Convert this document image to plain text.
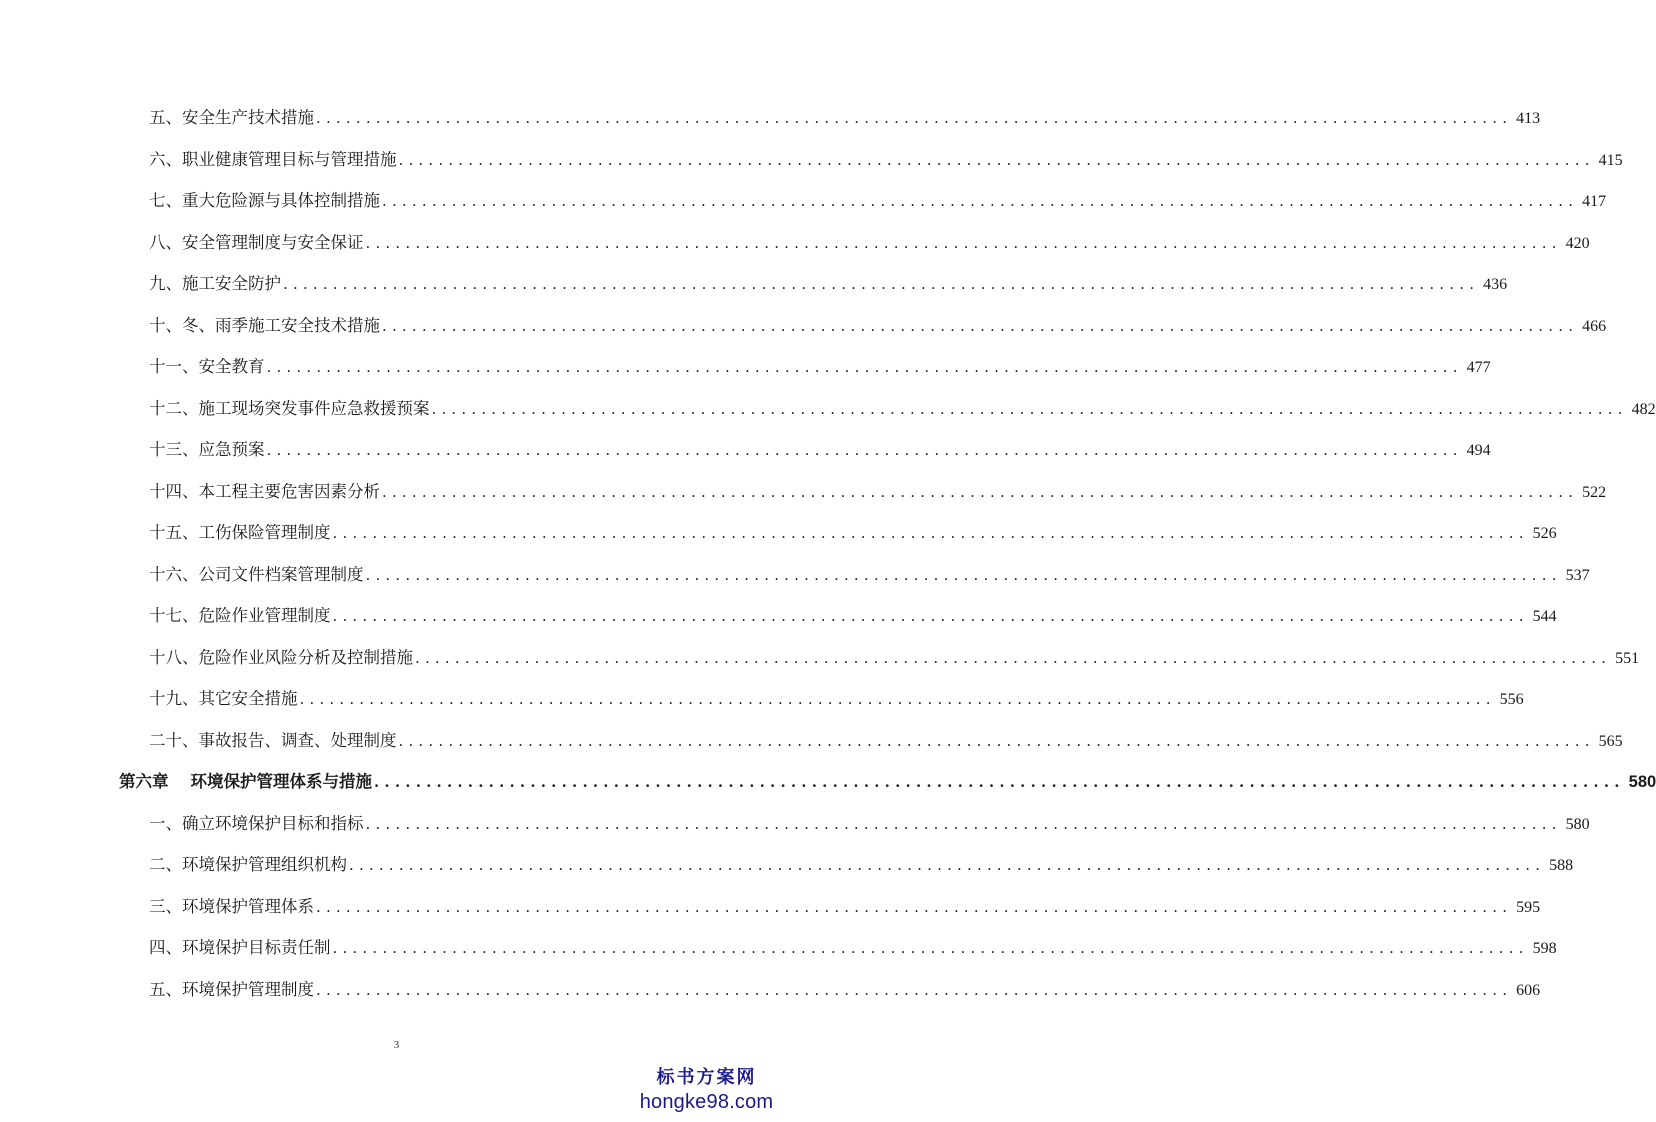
五、安全生产技术措施 ........................................................................................................................ 413
六、职业健康管理目标与管理措施 ........................................................................................................................ 415
七、重大危险源与具体控制措施 ........................................................................................................................ 417
八、安全管理制度与安全保证 ........................................................................................................................ 420
九、施工安全防护 ........................................................................................................................ 436
十、冬、雨季施工安全技术措施 ........................................................................................................................ 466
十一、安全教育 ........................................................................................................................ 477
十二、施工现场突发事件应急救援预案 ........................................................................................................................ 482
十三、应急预案 ........................................................................................................................ 494
十四、本工程主要危害因素分析 ........................................................................................................................ 522
十五、工伤保险管理制度 ........................................................................................................................ 526
十六、公司文件档案管理制度 ........................................................................................................................ 537
十七、危险作业管理制度 ........................................................................................................................ 544
十八、危险作业风险分析及控制措施 ........................................................................................................................ 551
十九、其它安全措施 ........................................................................................................................ 556
二十、事故报告、调查、处理制度 ........................................................................................................................ 565
第六章 环境保护管理体系与措施 ........................................................................................................................ 580
一、确立环境保护目标和指标 ........................................................................................................................ 580
二、环境保护管理组织机构 ........................................................................................................................ 588
三、环境保护管理体系 ........................................................................................................................ 595
四、环境保护目标责任制 ........................................................................................................................ 598
五、环境保护管理制度 ........................................................................................................................ 606
3
标书方案网
hongke98.com
